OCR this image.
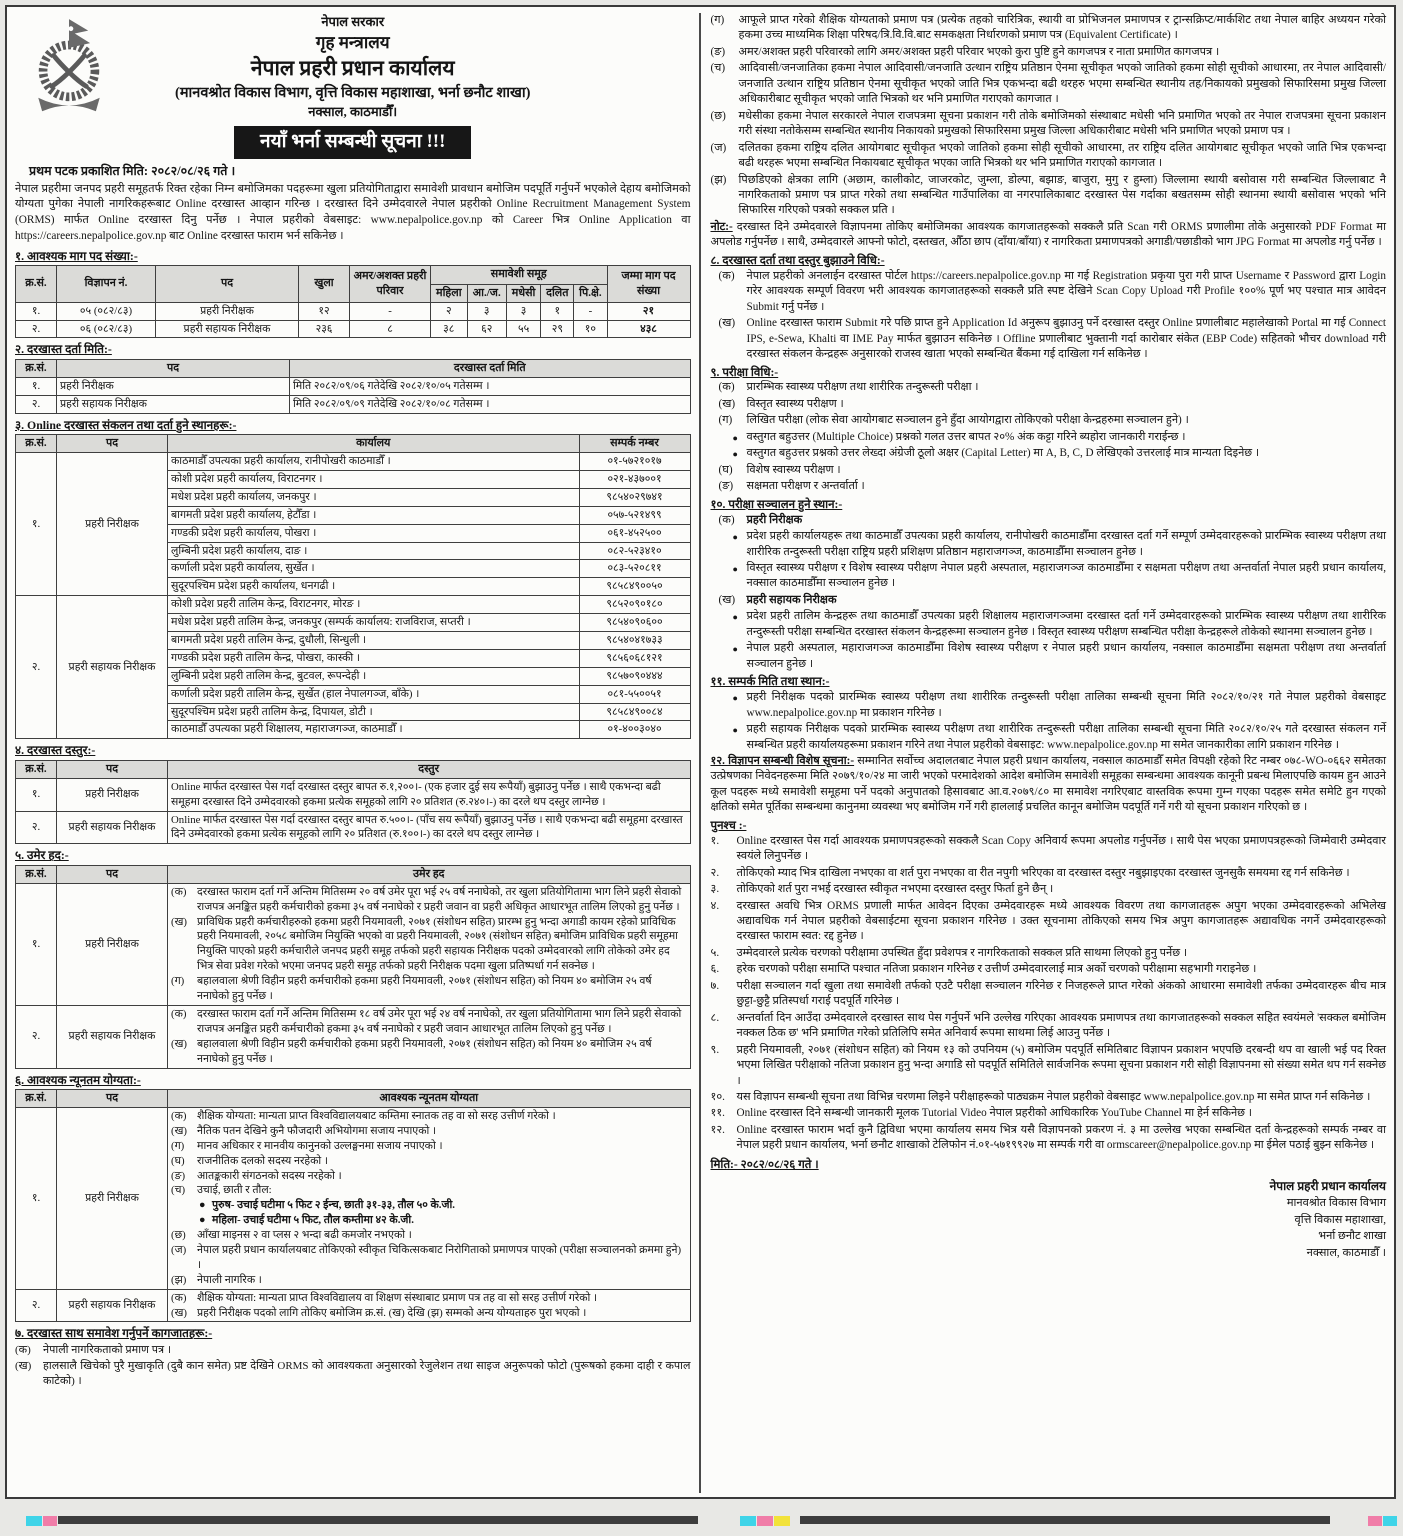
नेपाल सरकार
गृह मन्त्रालय
नेपाल प्रहरी प्रधान कार्यालय
(मानवश्रोत विकास विभाग, वृत्ति विकास महाशाखा, भर्ना छनौट शाखा)
नक्साल, काठमाडौँ।
नयाँ भर्ना सम्बन्धी सूचना !!!
प्रथम पटक प्रकाशित मिति: २०८२/०८/२६ गते ।

नेपाल प्रहरीमा जनपद प्रहरी समूहतर्फ रिक्त रहेका निम्न बमोजिमका पदहरूमा खुला प्रतियोगिताद्वारा समावेशी प्रावधान बमोजिम पदपूर्ति गर्नुपर्ने भएकोले देहाय बमोजिमको योग्यता पुगेका नेपाली नागरिकहरूबाट Online दरखास्त आव्हान गरिन्छ । दरखास्त दिने उम्मेदवारले नेपाल प्रहरीको Online Recruitment Management System (ORMS) मार्फत Online दरखास्त दिनु पर्नेछ । नेपाल प्रहरीको वेबसाइट: www.nepalpolice.gov.np को Career भित्र Online Application वा https://careers.nepalpolice.gov.np बाट Online दरखास्त फाराम भर्न सकिनेछ ।

१. आवश्यक माग पद संख्या:-
क्र.सं.	विज्ञापन नं.	पद	खुला	अमर/अशक्त प्रहरी परिवार	समावेशी समूह					जम्मा माग पद संख्या
					महिला	आ./ज.	मधेसी	दलित	पि.क्षे.	
१.	०५ (०८२/८३)	प्रहरी निरीक्षक	१२	-	२	३	३	१	-	२१
२.	०६ (०८२/८३)	प्रहरी सहायक निरीक्षक	२३६	८	३८	६२	५५	२९	१०	४३८
२. दरखास्त दर्ता मिति:-
क्र.सं.	पद	दरखास्त दर्ता मिति
१.	प्रहरी निरीक्षक	मिति २०८२/०९/०६ गतेदेखि २०८२/१०/०५ गतेसम्म ।
२.	प्रहरी सहायक निरीक्षक	मिति २०८२/०९/०९ गतेदेखि २०८२/१०/०८ गतेसम्म ।
३. Online दरखास्त संकलन तथा दर्ता हुने स्थानहरू:-
क्र.सं.	पद	कार्यालय	सम्पर्क नम्बर
१.	प्रहरी निरीक्षक	काठमाडौँ उपत्यका प्रहरी कार्यालय, रानीपोखरी काठमाडौँ ।	०१-५७२१०१७
		कोशी प्रदेश प्रहरी कार्यालय, विराटनगर ।	०२१-४३७००१
		मधेश प्रदेश प्रहरी कार्यालय, जनकपुर ।	९८५४०२९७४१
		बागमती प्रदेश प्रहरी कार्यालय, हेटौँडा ।	०५७-५२१४९९
		गण्डकी प्रदेश प्रहरी कार्यालय, पोखरा ।	०६१-४५२५००
		लुम्बिनी प्रदेश प्रहरी कार्यालय, दाङ ।	०८२-५२३४१०
		कर्णाली प्रदेश प्रहरी कार्यालय, सुर्खेत ।	०८३-५२०८११
		सुदूरपश्चिम प्रदेश प्रहरी कार्यालय, धनगढी ।	९८५८४९००५०
२.	प्रहरी सहायक निरीक्षक	कोशी प्रदेश प्रहरी तालिम केन्द्र, विराटनगर, मोरङ ।	९८५२०९०१८०
		मधेश प्रदेश प्रहरी तालिम केन्द्र, जनकपुर (सम्पर्क कार्यालय: राजविराज, सप्तरी ।	९८५४०९०६००
		बागमती प्रदेश प्रहरी तालिम केन्द्र, दुधौली, सिन्धुली ।	९८५४०४१७३३
		गण्डकी प्रदेश प्रहरी तालिम केन्द्र, पोखरा, कास्की ।	९८५६०६८१२१
		लुम्बिनी प्रदेश प्रहरी तालिम केन्द्र, बुटवल, रूपन्देही ।	९८५७०९०४४४
		कर्णाली प्रदेश प्रहरी तालिम केन्द्र, सुर्खेत (हाल नेपालगञ्ज, बाँके) ।	०८१-५५००५१
		सुदूरपश्चिम प्रदेश प्रहरी तालिम केन्द्र, दिपायल, डोटी ।	९८५८४९००८४
		काठमाडौँ उपत्यका प्रहरी शिक्षालय, महाराजगञ्ज, काठमाडौँ ।	०१-४००३०४०
४. दरखास्त दस्तुर:-
क्र.सं.	पद	दस्तुर
१.	प्रहरी निरीक्षक	Online मार्फत दरखास्त पेस गर्दा दरखास्त दस्तुर बापत रु.१,२००।- (एक हजार दुई सय रूपैयाँ) बुझाउनु पर्नेछ । साथै एकभन्दा बढी समूहमा दरखास्त दिने उम्मेदवारको हकमा प्रत्येक समूहको लागि २० प्रतिशत (रु.२४०।-) का दरले थप दस्तुर लाग्नेछ ।
२.	प्रहरी सहायक निरीक्षक	Online मार्फत दरखास्त पेस गर्दा दरखास्त दस्तुर बापत रु.५००।- (पाँच सय रूपैयाँ) बुझाउनु पर्नेछ । साथै एकभन्दा बढी समूहमा दरखास्त दिने उम्मेदवारको हकमा प्रत्येक समूहको लागि २० प्रतिशत (रु.१००।-) का दरले थप दस्तुर लाग्नेछ ।
५. उमेर हद:-
क्र.सं.	पद	उमेर हद
१.	प्रहरी निरीक्षक	
(क) दरखास्त फाराम दर्ता गर्ने अन्तिम मितिसम्म २० वर्ष उमेर पूरा भई २५ वर्ष ननाघेको, तर खुला प्रतियोगितामा भाग लिने प्रहरी सेवाको राजपत्र अनङ्कित प्रहरी कर्मचारीको हकमा ३५ वर्ष ननाघेको र प्रहरी जवान वा प्रहरी अधिकृत आधारभूत तालिम लिएको हुनु पर्नेछ ।
(ख) प्राविधिक प्रहरी कर्मचारीहरुको हकमा प्रहरी नियमावली, २०७१ (संशोधन सहित) प्रारम्भ हुनु भन्दा अगाडी कायम रहेको प्राविधिक प्रहरी नियमावली, २०५८ बमोजिम नियुक्ति भएको वा प्रहरी नियमावली, २०७१ (संशोधन सहित) बमोजिम प्राविधिक प्रहरी समूहमा नियुक्ति पाएको प्रहरी कर्मचारीले जनपद प्रहरी समूह तर्फको प्रहरी सहायक निरीक्षक पदको उम्मेदवारको लागि तोकेको उमेर हद भित्र सेवा प्रवेश गरेको भएमा जनपद प्रहरी समूह तर्फको प्रहरी निरीक्षक पदमा खुला प्रतिष्पर्धा गर्न सक्नेछ ।
(ग)	बहालवाला श्रेणी विहीन प्रहरी कर्मचारीको हकमा प्रहरी नियमावली, २०७१ (संशोधन सहित) को नियम ४० बमोजिम २५ वर्ष ननाघेको हुनु पर्नेछ ।

२.	प्रहरी सहायक निरीक्षक	(क) दरखास्त फाराम दर्ता गर्ने अन्तिम मितिसम्म १८ वर्ष उमेर पूरा भई २४ वर्ष ननाघेको, तर खुला प्रतियोगितामा भाग लिने प्रहरी सेवाको राजपत्र अनङ्कित प्रहरी कर्मचारीको हकमा ३५ वर्ष ननाघेको र प्रहरी जवान आधारभूत तालिम लिएको हुनु पर्नेछ ।
(ख) बहालवाला श्रेणी विहीन प्रहरी कर्मचारीको हकमा प्रहरी नियमावली, २०७१ (संशोधन सहित) को नियम ४० बमोजिम २५ वर्ष ननाघेको हुनु पर्नेछ ।
६. आवश्यक न्यूनतम योग्यता:-
क्र.सं.	पद	आवश्यक न्यूनतम योग्यता
१.	प्रहरी निरीक्षक	
(क) शैक्षिक योग्यता: मान्यता प्राप्त विश्वविद्यालयबाट कम्तिमा स्नातक तह वा सो सरह उत्तीर्ण गरेको ।
(ख) नैतिक पतन देखिने कुनै फौजदारी अभियोगमा सजाय नपाएको ।
(ग)	मानव अधिकार र मानवीय कानुनको उल्लङ्घनमा सजाय नपाएको ।
(घ)	राजनीतिक दलको सदस्य नरहेको ।
(ङ)	आतङ्ककारी संगठनको सदस्य नरहेको ।
(च)	उचाई, छाती र तौल:
● पुरुष- उचाई घटीमा ५ फिट २ ईन्च, छाती ३१-३३, तौल ५० के.जी.
● महिला- उचाई घटीमा ५ फिट, तौल कम्तीमा ४२ के.जी.
(छ)	आँखा माइनस २ वा प्लस २ भन्दा बढी कमजोर नभएको ।
(ज) नेपाल प्रहरी प्रधान कार्यालयबाट तोकिएको स्वीकृत चिकित्सकबाट निरोगिताको प्रमाणपत्र पाएको (परीक्षा सञ्चालनको क्रममा हुने) ।
(झ) नेपाली नागरिक ।

२.	प्रहरी सहायक निरीक्षक	(क) शैक्षिक योग्यता: मान्यता प्राप्त विश्वविद्यालय वा शिक्षण संस्थाबाट प्रमाण पत्र तह वा सो सरह उत्तीर्ण गरेको ।
(ख) प्रहरी निरीक्षक पदको लागि तोकिए बमोजिम क्र.सं. (ख) देखि (झ) सम्मको अन्य योग्यताहरु पुरा भएको ।
७. दरखास्त साथ समावेश गर्नुपर्ने कागजातहरू:-
(क)	नेपाली नागरिकताको प्रमाण पत्र ।
(ख)	हालसालै खिचेको पुरै मुखाकृति (दुबै कान समेत) प्रष्ट देखिने ORMS को आवश्यकता अनुसारको रेजुलेशन तथा साइज अनुरूपको फोटो (पुरूषको हकमा दाही र कपाल काटेको) ।
(ग)	आफूले प्राप्त गरेको शैक्षिक योग्यताको प्रमाण पत्र (प्रत्येक तहको चारित्रिक, स्थायी वा प्रोभिजनल प्रमाणपत्र र ट्रान्सक्रिप्ट/मार्कशिट तथा नेपाल बाहिर अध्ययन गरेको हकमा उच्च माध्यमिक शिक्षा परिषद/त्रि.वि.वि.बाट समकक्षता निर्धारणको प्रमाण पत्र (Equivalent Certificate) ।
(ङ)	अमर/अशक्त प्रहरी परिवारको लागि अमर/अशक्त प्रहरी परिवार भएको कुरा पुष्टि हुने कागजपत्र र नाता प्रमाणित कागजपत्र ।
(च)	आदिवासी/जनजातिका हकमा नेपाल आदिवासी/जनजाति उत्थान राष्ट्रिय प्रतिष्ठान ऐनमा सूचीकृत भएको जातिको हकमा सोही सूचीको आधारमा, तर नेपाल आदिवासी/जनजाति उत्थान राष्ट्रिय प्रतिष्ठान ऐनमा सूचीकृत भएको जाति भित्र एकभन्दा बढी थरहरु भएमा सम्बन्धित स्थानीय तह/निकायको प्रमुखको सिफारिसमा प्रमुख जिल्ला अधिकारीबाट सूचीकृत भएको जाति भित्रको थर भनि प्रमाणित गराएको कागजात ।
(छ)	मधेसीका हकमा नेपाल सरकारले नेपाल राजपत्रमा सूचना प्रकाशन गरी तोके बमोजिमको संस्थाबाट मधेसी भनि प्रमाणित भएको तर नेपाल राजपत्रमा सूचना प्रकाशन गरी संस्था नतोकेसम्म सम्बन्धित स्थानीय निकायको प्रमुखको सिफारिसमा प्रमुख जिल्ला अधिकारीबाट मधेसी भनि प्रमाणित भएको प्रमाण पत्र ।
(ज)	दलितका हकमा राष्ट्रिय दलित आयोगबाट सूचीकृत भएको जातिको हकमा सोही सूचीको आधारमा, तर राष्ट्रिय दलित आयोगबाट सूचीकृत भएको जाति भित्र एकभन्दा बढी थरहरू भएमा सम्बन्धित निकायबाट सूचीकृत भएका जाति भित्रको थर भनि प्रमाणित गराएको कागजात ।
(झ)	पिछडिएको क्षेत्रका लागि (अछाम, कालीकोट, जाजरकोट, जुम्ला, डोल्पा, बझाङ, बाजुरा, मुगु र हुम्ला) जिल्लामा स्थायी बसोवास गरी सम्बन्धित जिल्लाबाट नै नागरिकताको प्रमाण पत्र प्राप्त गरेको तथा सम्बन्धित गाउँपालिका वा नगरपालिकाबाट दरखास्त पेस गर्दाका बखतसम्म सोही स्थानमा स्थायी बसोवास भएको भनि सिफारिस गरिएको पत्रको सक्कल प्रति ।
नोट:- दरखास्त दिने उम्मेदवारले विज्ञापनमा तोकिए बमोजिमका आवश्यक कागजातहरूको सक्कलै प्रति Scan गरी ORMS प्रणालीमा तोके अनुसारको PDF Format मा अपलोड गर्नुपर्नेछ । साथै, उम्मेदवारले आफ्नो फोटो, दस्तखत, औँठा छाप (दाँया/बाँया) र नागरिकता प्रमाणपत्रको अगाडी/पछाडीको भाग JPG Format मा अपलोड गर्नु पर्नेछ ।
८. दरखास्त दर्ता तथा दस्तुर बुझाउने विधि:-
(क)	नेपाल प्रहरीको अनलाईन दरखास्त पोर्टल https://careers.nepalpolice.gov.np मा गई Registration प्रकृया पुरा गरी प्राप्त Username र Password द्वारा Login गरेर आवश्यक सम्पूर्ण विवरण भरी आवश्यक कागजातहरूको सक्कलै प्रति स्पष्ट देखिने Scan Copy Upload गरी Profile १००% पूर्ण भए पश्चात मात्र आवेदन Submit गर्नु पर्नेछ ।
(ख)	Online दरखास्त फाराम Submit गरे पछि प्राप्त हुने Application Id अनुरूप बुझाउनु पर्ने दरखास्त दस्तुर Online प्रणालीबाट महालेखाको Portal मा गई Connect IPS, e-Sewa, Khalti वा IME Pay मार्फत बुझाउन सकिनेछ । Offline प्रणालीबाट भुक्तानी गर्दा कारोबार संकेत (EBP Code) सहितको भौचर download गरी दरखास्त संकलन केन्द्रहरू अनुसारको राजस्व खाता भएको सम्बन्धित बैंकमा गई दाखिला गर्न सकिनेछ ।
९. परीक्षा विधि:-
(क)	प्रारम्भिक स्वास्थ्य परीक्षण तथा शारीरिक तन्दुरूस्ती परीक्षा ।
(ख)	विस्तृत स्वास्थ्य परीक्षण ।
(ग)	लिखित परीक्षा (लोक सेवा आयोगबाट सञ्चालन हुने हुँदा आयोगद्वारा तोकिएको परीक्षा केन्द्रहरुमा सञ्चालन हुने) ।
● वस्तुगत बहुउत्तर (Multiple Choice) प्रश्नको गलत उत्तर बापत २०% अंक कट्टा गरिने ब्यहोरा जानकारी गराईन्छ ।
● वस्तुगत बहुउत्तर प्रश्नको उत्तर लेख्दा अंग्रेजी ठूलो अक्षर (Capital Letter) मा A, B, C, D लेखिएको उत्तरलाई मात्र मान्यता दिइनेछ ।
(घ)	विशेष स्वास्थ्य परीक्षण ।
(ङ)	सक्षमता परीक्षण र अन्तर्वार्ता ।
१०. परीक्षा सञ्चालन हुने स्थान:-
(क)	प्रहरी निरीक्षक
● प्रदेश प्रहरी कार्यालयहरू तथा काठमाडौँ उपत्यका प्रहरी कार्यालय, रानीपोखरी काठमाडौँमा दरखास्त दर्ता गर्ने सम्पूर्ण उम्मेदवारहरूको प्रारम्भिक स्वास्थ्य परीक्षण तथा शारीरिक तन्दुरूस्ती परीक्षा राष्ट्रिय प्रहरी प्रशिक्षण प्रतिष्ठान महाराजगञ्ज, काठमाडौँमा सञ्चालन हुनेछ ।
● विस्तृत स्वास्थ्य परीक्षण र विशेष स्वास्थ्य परीक्षण नेपाल प्रहरी अस्पताल, महाराजगञ्ज काठमाडौँमा र सक्षमता परीक्षण तथा अन्तर्वार्ता नेपाल प्रहरी प्रधान कार्यालय, नक्साल काठमाडौँमा सञ्चालन हुनेछ ।
(ख)	प्रहरी सहायक निरीक्षक
● प्रदेश प्रहरी तालिम केन्द्रहरू तथा काठमाडौँ उपत्यका प्रहरी शिक्षालय महाराजगञ्जमा दरखास्त दर्ता गर्ने उम्मेदवारहरूको प्रारम्भिक स्वास्थ्य परीक्षण तथा शारीरिक तन्दुरूस्ती परीक्षा सम्बन्धित दरखास्त संकलन केन्द्रहरूमा सञ्चालन हुनेछ । विस्तृत स्वास्थ्य परीक्षण सम्बन्धित परीक्षा केन्द्रहरूले तोकेको स्थानमा सञ्चालन हुनेछ ।
● नेपाल प्रहरी अस्पताल, महाराजगञ्ज काठमाडौँमा विशेष स्वास्थ्य परीक्षण र नेपाल प्रहरी प्रधान कार्यालय, नक्साल काठमाडौँमा सक्षमता परीक्षण तथा अन्तर्वार्ता सञ्चालन हुनेछ ।
११. सम्पर्क मिति तथा स्थान:-
● प्रहरी निरीक्षक पदको प्रारम्भिक स्वास्थ्य परीक्षण तथा शारीरिक तन्दुरूस्ती परीक्षा तालिका सम्बन्धी सूचना मिति २०८२/१०/२१ गते नेपाल प्रहरीको वेबसाइट www.nepalpolice.gov.np मा प्रकाशन गरिनेछ ।
● प्रहरी सहायक निरीक्षक पदको प्रारम्भिक स्वास्थ्य परीक्षण तथा शारीरिक तन्दुरूस्ती परीक्षा तालिका सम्बन्धी सूचना मिति २०८२/१०/२५ गते दरखास्त संकलन गर्ने सम्बन्धित प्रहरी कार्यालयहरूमा प्रकाशन गरिने तथा नेपाल प्रहरीको वेबसाइट: www.nepalpolice.gov.np मा समेत जानकारीका लागि प्रकाशन गरिनेछ ।
१२. विज्ञापन सम्बन्धी विशेष सूचना:- सम्मानित सर्वोच्च अदालतबाट नेपाल प्रहरी प्रधान कार्यालय, नक्साल काठमाडौँ समेत विपक्षी रहेको रिट नम्बर ०७८-WO-०६६२ समेतका उत्प्रेषणका निवेदनहरूमा मिति २०७९/१०/२४ मा जारी भएको परमादेशको आदेश बमोजिम समावेशी समूहका सम्बन्धमा आवश्यक कानूनी प्रबन्ध मिलाएपछि कायम हुन आउने कूल पदहरू मध्ये समावेशी समूहमा पर्ने पदको अनुपातको हिसावबाट आ.व.२०७९/८० मा समावेश नगरिएबाट वास्तविक रूपमा गुम्न गएका पदहरू समेत समेटि हुन गएको क्षतिको समेत पूर्तिका सम्बन्धमा कानुनमा व्यवस्था भए बमोजिम गर्ने गरी हाललाई प्रचलित कानून बमोजिम पदपूर्ति गर्ने गरी यो सूचना प्रकाशन गरिएको छ ।
पुनश्च :-
१.	Online दरखास्त पेस गर्दा आवश्यक प्रमाणपत्रहरूको सक्कलै Scan Copy अनिवार्य रूपमा अपलोड गर्नुपर्नेछ । साथै पेस भएका प्रमाणपत्रहरूको जिम्मेवारी उम्मेदवार स्वयंले लिनुपर्नेछ ।
२.	तोकिएको म्याद भित्र दाखिला नभएका वा शर्त पुरा नभएका वा रीत नपुगी भरिएका वा दरखास्त दस्तुर नबुझाइएका दरखास्त जुनसुकै समयमा रद्द गर्न सकिनेछ ।
३.	तोकिएको शर्त पुरा नभई दरखास्त स्वीकृत नभएमा दरखास्त दस्तुर फिर्ता हुने छैन् ।
४.	दरखास्त अवधि भित्र ORMS प्रणाली मार्फत आवेदन दिएका उम्मेदवारहरू मध्ये आवश्यक विवरण तथा कागजातहरू अपुग भएका उम्मेदवारहरूको अभिलेख अद्यावधिक गर्न नेपाल प्रहरीको वेबसाईटमा सूचना प्रकाशन गरिनेछ । उक्त सूचनामा तोकिएको समय भित्र अपुग कागजातहरू अद्यावधिक नगर्ने उम्मेदवारहरूको दरखास्त फाराम स्वत: रद्द हुनेछ ।
५.	उम्मेदवारले प्रत्येक चरणको परीक्षामा उपस्थित हुँदा प्रवेशपत्र र नागरिकताको सक्कल प्रति साथमा लिएको हुनु पर्नेछ ।
६.	हरेक चरणको परीक्षा समाप्ति पश्चात नतिजा प्रकाशन गरिनेछ र उत्तीर्ण उम्मेदवारलाई मात्र अर्को चरणको परीक्षामा सहभागी गराइनेछ ।
७.	परीक्षा सञ्चालन गर्दा खुला तथा समावेशी तर्फको एउटै परीक्षा सञ्चालन गरिनेछ र निजहरूले प्राप्त गरेको अंकको आधारमा समावेशी तर्फका उम्मेदवारहरू बीच मात्र छुट्टा-छुट्टै प्रतिस्पर्धा गराई पदपूर्ति गरिनेछ ।
८.	अन्तर्वार्ता दिन आउँदा उम्मेदवारले दरखास्त साथ पेस गर्नुपर्ने भनि उल्लेख गरिएका आवश्यक प्रमाणपत्र तथा कागजातहरूको सक्कल सहित स्वयंमले 'सक्कल बमोजिम नक्कल ठिक छ' भनि प्रमाणित गरेको प्रतिलिपि समेत अनिवार्य रूपमा साथमा लिई आउनु पर्नेछ ।
९.	प्रहरी नियमावली, २०७१ (संशोधन सहित) को नियम १३ को उपनियम (५) बमोजिम पदपूर्ति समितिबाट विज्ञापन प्रकाशन भएपछि दरबन्दी थप वा खाली भई पद रिक्त भएमा लिखित परीक्षाको नतिजा प्रकाशन हुनु भन्दा अगाडि सो पदपूर्ति समितिले सार्वजनिक रूपमा सूचना प्रकाशन गरी सोही विज्ञापनमा सो संख्या समेत थप गर्न सक्नेछ ।
१०.	यस विज्ञापन सम्बन्धी सूचना तथा विभिन्न चरणमा लिइने परीक्षाहरूको पाठ्यक्रम नेपाल प्रहरीको वेबसाइट www.nepalpolice.gov.np मा समेत प्राप्त गर्न सकिनेछ ।
११.	Online दरखास्त दिने सम्बन्धी जानकारी मूलक Tutorial Video नेपाल प्रहरीको आधिकारिक YouTube Channel मा हेर्न सकिनेछ ।
१२.	Online दरखास्त फाराम भर्दा कुनै द्विविधा भएमा कार्यालय समय भित्र यसै विज्ञापनको प्रकरण नं. ३ मा उल्लेख भएका सम्बन्धित दर्ता केन्द्रहरूको सम्पर्क नम्बर वा नेपाल प्रहरी प्रधान कार्यालय, भर्ना छनौट शाखाको टेलिफोन नं.०१-५७१९९२७ मा सम्पर्क गरी वा ormscareer@nepalpolice.gov.np मा ईमेल पठाई बुझ्न सकिनेछ ।
मिति:- २०८२/०८/२६ गते ।
नेपाल प्रहरी प्रधान कार्यालय
मानवश्रोत विकास विभाग
वृत्ति विकास महाशाखा,
भर्ना छनौट शाखा
नक्साल, काठमाडौँ ।
